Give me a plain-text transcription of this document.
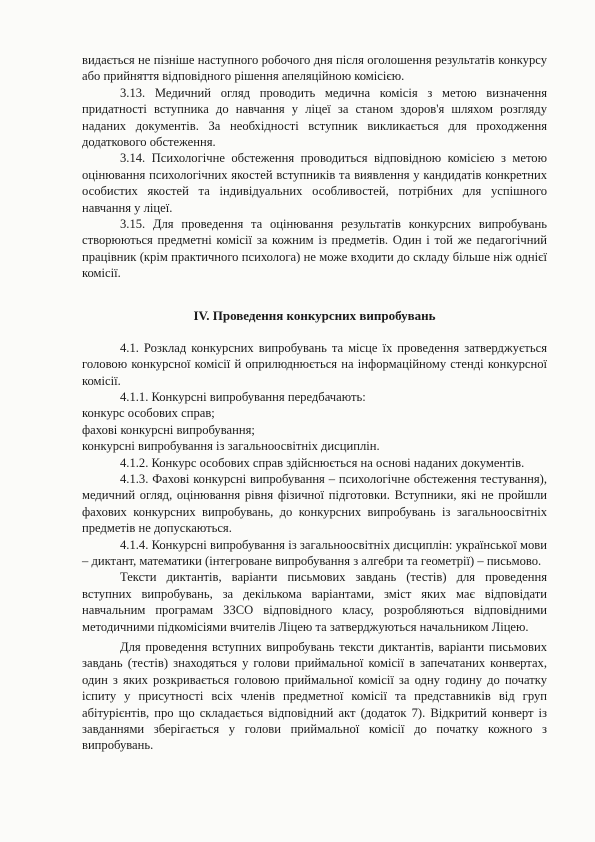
видається не пізніше наступного робочого дня після оголошення результатів конкурсу або прийняття відповідного рішення апеляційною комісією.

3.13. Медичний огляд проводить медична комісія з метою визначення придатності вступника до навчання у ліцеї за станом здоров'я шляхом розгляду наданих документів. За необхідності вступник викликається для проходження додаткового обстеження.

3.14. Психологічне обстеження проводиться відповідною комісією з метою оцінювання психологічних якостей вступників та виявлення у кандидатів конкретних особистих якостей та індивідуальних особливостей, потрібних для успішного навчання у ліцеї.

3.15. Для проведення та оцінювання результатів конкурсних випробувань створюються предметні комісії за кожним із предметів. Один і той же педагогічний працівник (крім практичного психолога) не може входити до складу більше ніж однієї комісії.

IV. Проведення конкурсних випробувань

4.1. Розклад конкурсних випробувань та місце їх проведення затверджується головою конкурсної комісії й оприлюднюється на інформаційному стенді конкурсної комісії.

4.1.1. Конкурсні випробування передбачають:

конкурс особових справ;

фахові конкурсні випробування;

конкурсні випробування із загальноосвітніх дисциплін.

4.1.2. Конкурс особових справ здійснюється на основі наданих документів.

4.1.3. Фахові конкурсні випробування – психологічне обстеження тестування), медичний огляд, оцінювання рівня фізичної підготовки. Вступники, які не пройшли фахових конкурсних випробувань, до конкурсних випробувань із загальноосвітніх предметів не допускаються.

4.1.4. Конкурсні випробування із загальноосвітніх дисциплін: української мови – диктант, математики (інтегроване випробування з алгебри та геометрії) – письмово.

Тексти диктантів, варіанти письмових завдань (тестів) для проведення вступних випробувань, за декількома варіантами, зміст яких має відповідати навчальним програмам ЗЗСО відповідного класу, розробляються відповідними методичними підкомісіями вчителів Ліцею та затверджуються начальником Ліцею.

Для проведення вступних випробувань тексти диктантів, варіанти письмових завдань (тестів) знаходяться у голови приймальної комісії в запечатаних конвертах, один з яких розкривається головою приймальної комісії за одну годину до початку іспиту у присутності всіх членів предметної комісії та представників від груп абітурієнтів, про що складається відповідний акт (додаток 7). Відкритий конверт із завданнями зберігається у голови приймальної комісії до початку кожного з випробувань.
